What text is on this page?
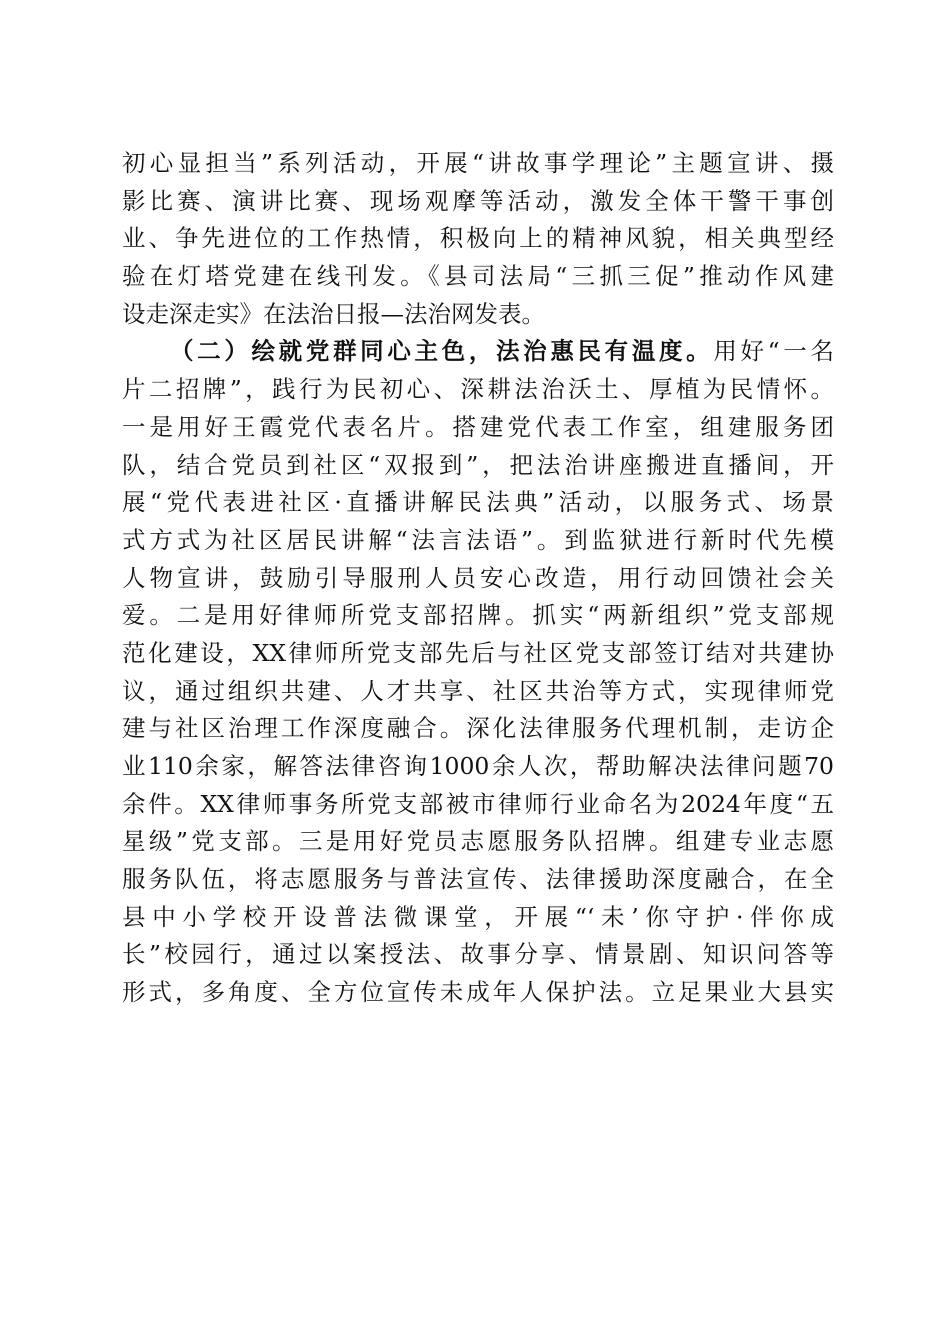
初心显担当”系列活动，开展“讲故事学理论”主题宣讲、摄
影比赛、演讲比赛、现场观摩等活动，激发全体干警干事创
业、争先进位的工作热情，积极向上的精神风貌，相关典型经
验在灯塔党建在线刊发。《县司法局“三抓三促”推动作风建
设走深走实》在法治日报—法治网发表。
（二）绘就党群同心主色，法治惠民有温度。用好“一名
片二招牌”，践行为民初心、深耕法治沃土、厚植为民情怀。
一是用好王霞党代表名片。搭建党代表工作室，组建服务团
队，结合党员到社区“双报到”，把法治讲座搬进直播间，开
展“党代表进社区·直播讲解民法典”活动，以服务式、场景
式方式为社区居民讲解“法言法语”。到监狱进行新时代先模
人物宣讲，鼓励引导服刑人员安心改造，用行动回馈社会关
爱。二是用好律师所党支部招牌。抓实“两新组织”党支部规
范化建设，XX律师所党支部先后与社区党支部签订结对共建协
议，通过组织共建、人才共享、社区共治等方式，实现律师党
建与社区治理工作深度融合。深化法律服务代理机制，走访企
业110余家，解答法律咨询1000余人次，帮助解决法律问题70
余件。XX律师事务所党支部被市律师行业命名为2024年度“五
星级”党支部。三是用好党员志愿服务队招牌。组建专业志愿
服务队伍，将志愿服务与普法宣传、法律援助深度融合，在全
县中小学校开设普法微课堂，开展“‘未’你守护·伴你成
长”校园行，通过以案授法、故事分享、情景剧、知识问答等
形式，多角度、全方位宣传未成年人保护法。立足果业大县实
